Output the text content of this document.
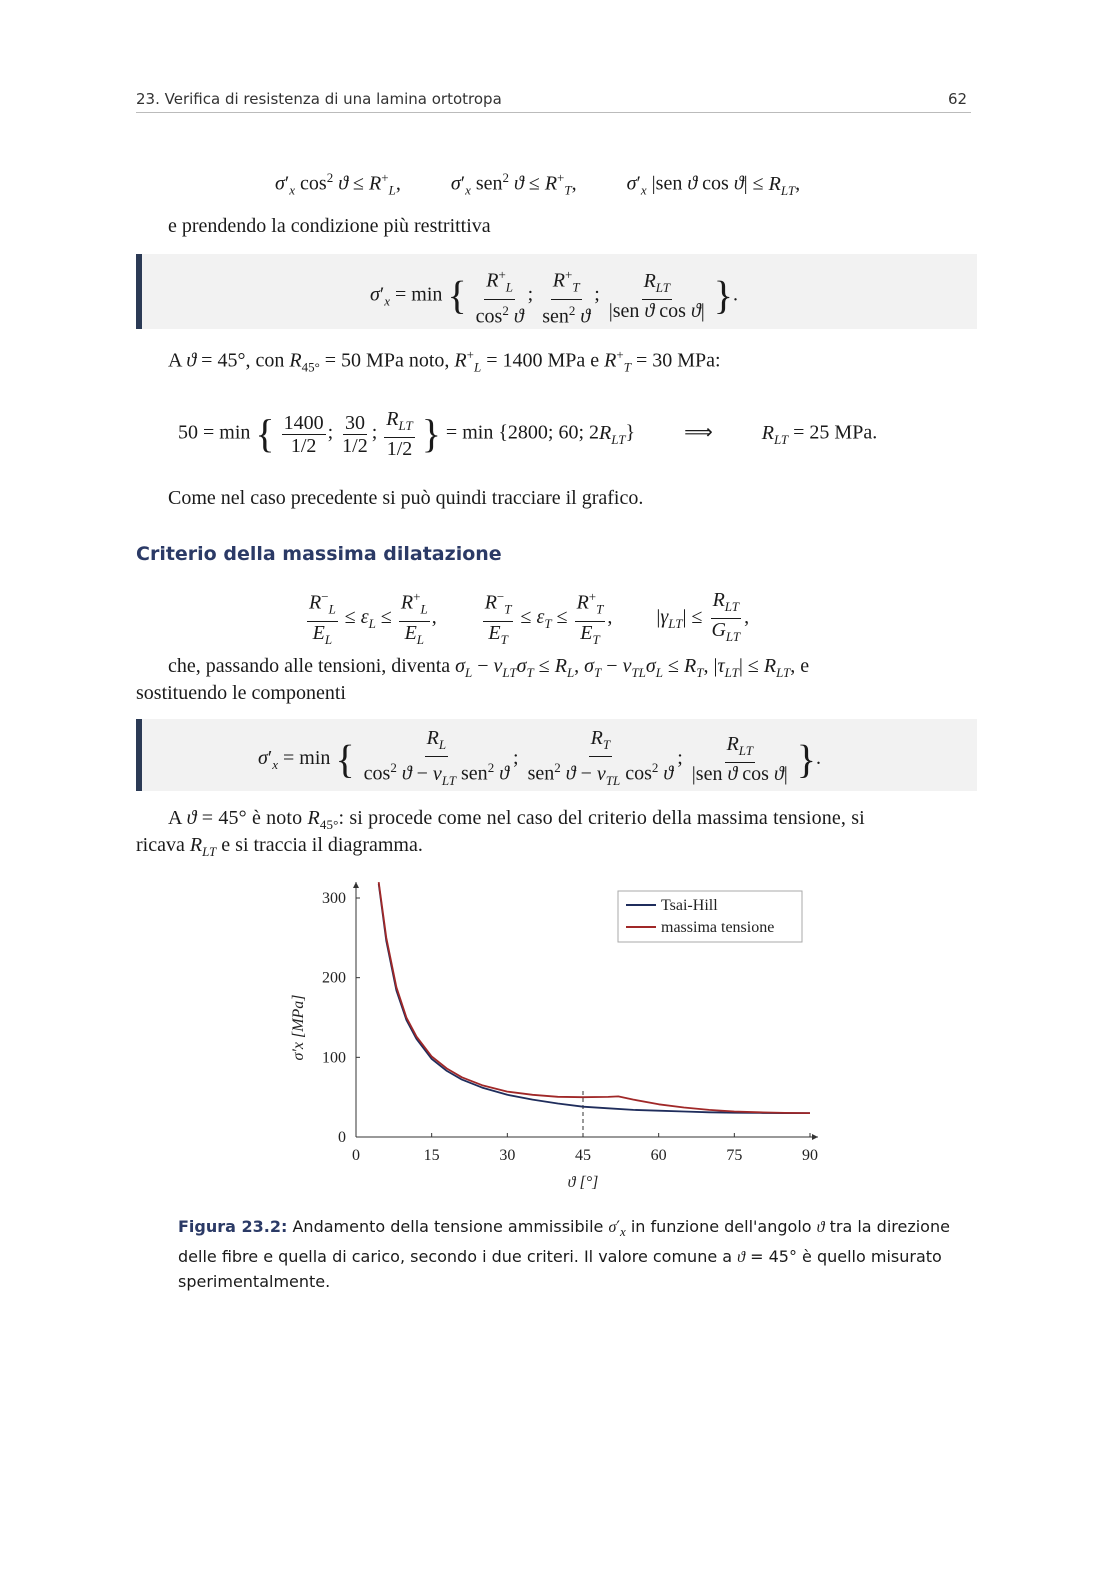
23. Verifica di resistenza di una lamina ortotropa	62
$\sigma'_x$ $\cos^2 ϑ \le R^+_L$,  $\sigma'_x$ sen$^2$ $ϑ \le R^+_T$,  $\sigma'_x$ |sen ϑ $\cos ϑ| \le R_{LT}$,
e prendendo la condizione più restrittiva
$\sigma'_x = \min$ { $\frac{R^+_L}{\cos^2 ϑ}$ ; $\frac{R^+_T}{sen^2 ϑ}$ ; $\frac{R_{LT}}{\text{|sen ϑ cos ϑ|}}$ }.
A ϑ = 45°, con $R_{45^\circ} = 50$ MPa noto, $R^+_L = 1400$ MPa e $R^+_T = 30$ MPa:
50 = min { $\frac{1400}{1/2}$ ; $\frac{30}{1/2}$ ; $\frac{R_{LT}}{1/2}$ } = min {2800; 60; $2R_{LT}$} ⟹ $R_{LT} = 25$ MPa.
Come nel caso precedente si può quindi tracciare il grafico.
Criterio della massima dilatazione
$\frac{R^-_L}{E_L} \le \varepsilon_L \le \frac{R^+_L}{E_L}$ , $\frac{R^-_T}{E_T} \le \varepsilon_T \le \frac{R^+_T}{E_T}$ ,  $|\gamma_{LT}| \le \frac{R_{LT}}{G_{LT}}$ ,
che, passando alle tensioni, diventa $\sigma_L - \nu_{LT}\sigma_T \le R_L$, $\sigma_T - \nu_{TL}\sigma_L \le R_T$, $|\tau_{LT}| \le R_{LT}$, e
sostituendo le componenti
$\sigma'_x = \min$ { $\frac{R_L}{\cos^2 ϑ - \nu_{LT} sen^2 ϑ}$ ; $\frac{R_T}{sen^2 ϑ - \nu_{TL} \cos^2 ϑ}$ ; $\frac{R_{LT}}{\text{|sen ϑ cos ϑ|}}$ }.
A ϑ = 45° è noto $R_{45^\circ}$: si procede come nel caso del criterio della massima tensione, si
ricava $R_{LT}$ e si traccia il diagramma.
0	15	30	45	60	75	90
0
100
200
300
ϑ [°]
σ′x [MPa]
Tsai-Hill
massima tensione
Figura 23.2: Andamento della tensione ammissibile $\sigma'_x$ in funzione dell'angolo ϑ tra la direzione
delle fibre e quella di carico, secondo i due criteri. Il valore comune a ϑ = 45° è quello misurato
sperimentalmente.
